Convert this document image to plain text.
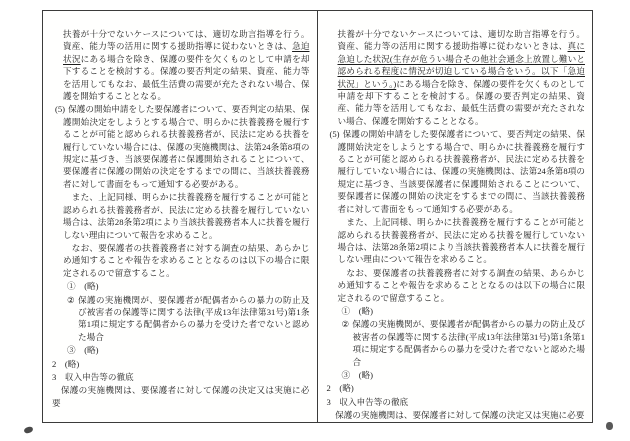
扶養が十分でないケースについては、適切な助言指導を行う。資産、能力等の活用に関する援助指導に従わないときは、急迫状況にある場合を除き、保護の要件を欠くものとして申請を却下することを検討する。保護の要否判定の結果、資産、能力等を活用してもなお、最低生活費の需要が充たされない場合、保護を開始することとなる。

(5) 保護の開始申請をした要保護者について、要否判定の結果、保護開始決定をしようとする場合で、明らかに扶養義務を履行することが可能と認められる扶養義務者が、民法に定める扶養を履行していない場合には、保護の実施機関は、法第24条第8項の規定に基づき、当該要保護者に保護開始されることについて、要保護者に保護の開始の決定をするまでの間に、当該扶養義務者に対して書面をもって通知する必要がある。

　また、上記同様、明らかに扶養義務を履行することが可能と認められる扶養義務者が、民法に定める扶養を履行していない場合は、法第28条第2項により当該扶養義務者本人に扶養を履行しない理由について報告を求めること。

　なお、要保護者の扶養義務者に対する調査の結果、あらかじめ通知することや報告を求めることとなるのは以下の場合に限定されるので留意すること。

①　(略)

② 保護の実施機関が、要保護者が配偶者からの暴力の防止及び被害者の保護等に関する法律(平成13年法律第31号)第1条第1項に規定する配偶者からの暴力を受けた者でないと認めた場合

③　(略)

2　(略)

3　収入申告等の徹底

　保護の実施機関は、要保護者に対して保護の決定又は実施に必要

扶養が十分でないケースについては、適切な助言指導を行う。資産、能力等の活用に関する援助指導に従わないときは、真に急迫した状況(生存が危うい場合その他社会通念上放置し難いと認められる程度に情況が切迫している場合をいう。以下「急迫状況」という。)にある場合を除き、保護の要件を欠くものとして申請を却下することを検討する。保護の要否判定の結果、資産、能力等を活用してもなお、最低生活費の需要が充たされない場合、保護を開始することとなる。

(5) 保護の開始申請をした要保護者について、要否判定の結果、保護開始決定をしようとする場合で、明らかに扶養義務を履行することが可能と認められる扶養義務者が、民法に定める扶養を履行していない場合には、保護の実施機関は、法第24条第8項の規定に基づき、当該要保護者に保護開始されることについて、要保護者に保護の開始の決定をするまでの間に、当該扶養義務者に対して書面をもって通知する必要がある。

　また、上記同様、明らかに扶養義務を履行することが可能と認められる扶養義務者が、民法に定める扶養を履行していない場合は、法第28条第2項により当該扶養義務者本人に扶養を履行しない理由について報告を求めること。

　なお、要保護者の扶養義務者に対する調査の結果、あらかじめ通知することや報告を求めることとなるのは以下の場合に限定されるので留意すること。

①　(略)

② 保護の実施機関が、要保護者が配偶者からの暴力の防止及び被害者の保護等に関する法律(平成13年法律第31号)第1条第1項に規定する配偶者からの暴力を受けた者でないと認めた場合

③　(略)

2　(略)

3　収入申告等の徹底

　保護の実施機関は、要保護者に対して保護の決定又は実施に必要
